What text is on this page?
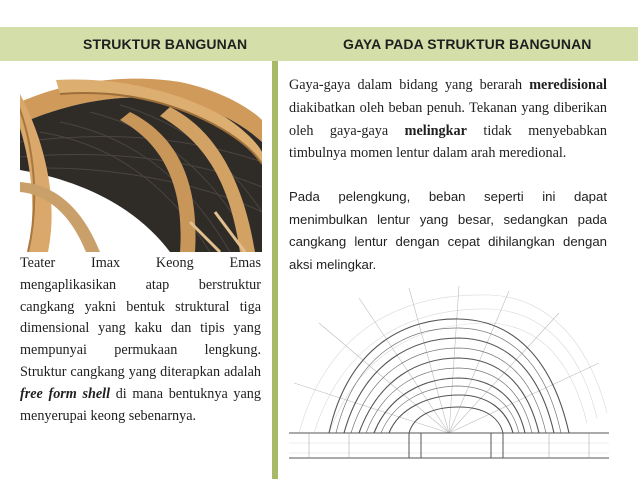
STRUKTUR BANGUNAN	GAYA PADA STRUKTUR BANGUNAN
Teater Imax Keong Emas mengaplikasikan atap berstruktur cangkang yakni bentuk struktural tiga dimensional yang kaku dan tipis yang mempunyai permukaan lengkung. Struktur cangkang yang diterapkan adalah free form shell di mana bentuknya yang menyerupai keong sebenarnya.
Gaya-gaya dalam bidang yang berarah meredisional diakibatkan oleh beban penuh. Tekanan yang diberikan oleh gaya-gaya melingkar tidak menyebabkan timbulnya momen lentur dalam arah meredional.
Pada pelengkung, beban seperti ini dapat menimbulkan lentur yang besar, sedangkan pada cangkang lentur dengan cepat dihilangkan dengan aksi melingkar.
